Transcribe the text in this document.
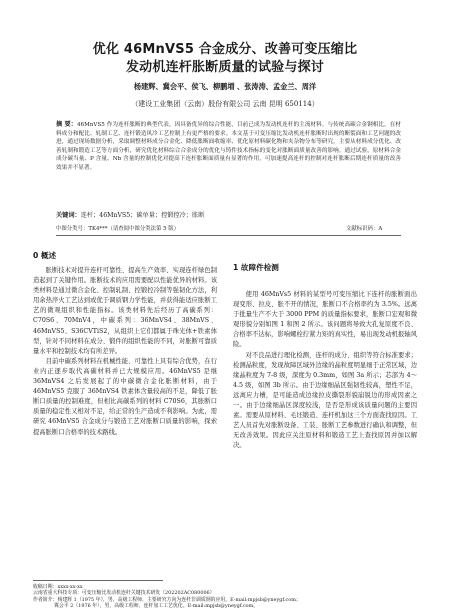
优化 46MnVS5 合金成分、改善可变压缩比
发动机连杆胀断质量的试验与探讨
杨建辉、冀会平、侯飞、柳鹏増 、张涛涛、孟金兰、周洋
（建设工业集团（云南）股份有限公司 云南 昆明 650114）
摘 要：46MnVS5 作为连杆胀断的典型代表，因具备优异的综合性能，目前已成为发动机连杆的主流材料。与传统高碳合金钢相比，在材料成分和配比、轧制工艺、连杆锻造风冷工艺控制上有更严格的要求。本文基于可变压缩比发动机连杆胀断时出现的断裂面和工艺问题的改进，通过现场数据分析，采取调整材料成分合金化、降低胀断面收缩率、优化原材料碳化物和夹杂物分布等研究，主要从材料成分优化、改善轧制和锻造工艺等方面分析，研究优化材料综合合金成分的优化与铸件技术指标的变化对胀断面质量改善的影响。通过试验，原材料合金成分碳当量、P 含量、Nb 含量的控制优化对提高下连杆胀断面质量有显著的作用，可加速提高连杆的控制对连杆胀断后期连杆质量的改善效果并不显著。
关键词：连杆；46MnVS5；碳单量；控锻控冷；胀断
中图分类号：TK4***（请查阅中图分类法第 5 版）	文献标识码：A
0 概述

胀断技术对提升连杆可靠性、提高生产效率、实现连杆绿色制造起到了关键作用。胀断技术的应用需要配以性能优异的材料。该类材料是通过微合金化、控制轧制、控锻控冷制等强韧化方法，利用余热淬火工艺达到或优于调质钢力学性能，并获得能适应胀断工艺的微观组织和性能指标。该类材料先后经历了高碳系列：C70S6、70MnV4，中碳系列：36MnVS4、38MnVS、46MnVS5、S36CVTiS2，从组织上它们都属于珠光体+铁素体型，针对不同材料在成分、锻件的组织性能的不同，对胀断可靠质量水平和控制技术均有所差异。

目前中碳系列材料在机械性能、可靠性上具有综合优势，在行业内正逐步取代高碳材料并已大规模应用。46MnVS5 是继 36MnVS4 之后发展起了的中碳微合金化胀断材料，由于 46MnVS5 克服了 36MnVS4 铁素体含量较高的不足，降低了胀断口质量的控制难度，但相比高碳系列的材料 C70S6，其胀断口质量的稳定性又相对不足，给正常的生产造成不利影响。为此，需研究 46MnVS5 合金成分与锻造工艺对胀断口质量的影响，探索提高胀断口合格率的技术路线。

1 故障件检测

使用 46MnVs5 材料的某型号可变压缩比下连杆的胀断面出现变形、拉皮、胀不开的情况，胀断口不合格率约为 3.5%。远离于批量生产不大于 3000 PPM 的质量指标要求，胀断口宏观和微观形貌分别如图 1 和图 2 所示。该问题将导致大孔复原度不良、合格率不达标，影响螺栓拧紧力矩的真实性，易出现发动机报轴风险。

对不良品进行理化检测，连杆的成分、组织等符合标准要求；检测晶粒度，发现故障区域外边缘的晶粒度明显细于正常区域，边缘晶粒度为 7-8 级，深度为 0.3mm，如图 3a 所示；芯部为 4～4.5 级，如图 3b 所示。由于边缘细晶区强韧性较高，塑性不足，远离应力槽，是可能造成边缘拉皮撕裂形貌崩锐边的形成因素之一。由于边缘细晶区深度较浅，是否是形成该质量问题的主要因素。需要从原材料、毛坯锻造、连杆机加这三个方面查找原因。工艺人员首先对胀断设备、工装、胀断工艺参数进行确认和调整，但无改善效果。因此应关注原材料和锻造工艺上查找原因并加以解决。

收稿日期：xxxx-xx-xx
云南省重大科技专项：可变压缩比发动机连杆关键技术研发（202202AC080006）
作者简介：杨建辉 1（1975 年），男，高级工程师，主要研究方向为连杆非调质钢的应用。E-mail:mpjsb@yneygf.com；
冀会平 2（1976 年），男，高级工程师，连杆加工工艺优化。E-mail:mpjsb@yneygf.com。
